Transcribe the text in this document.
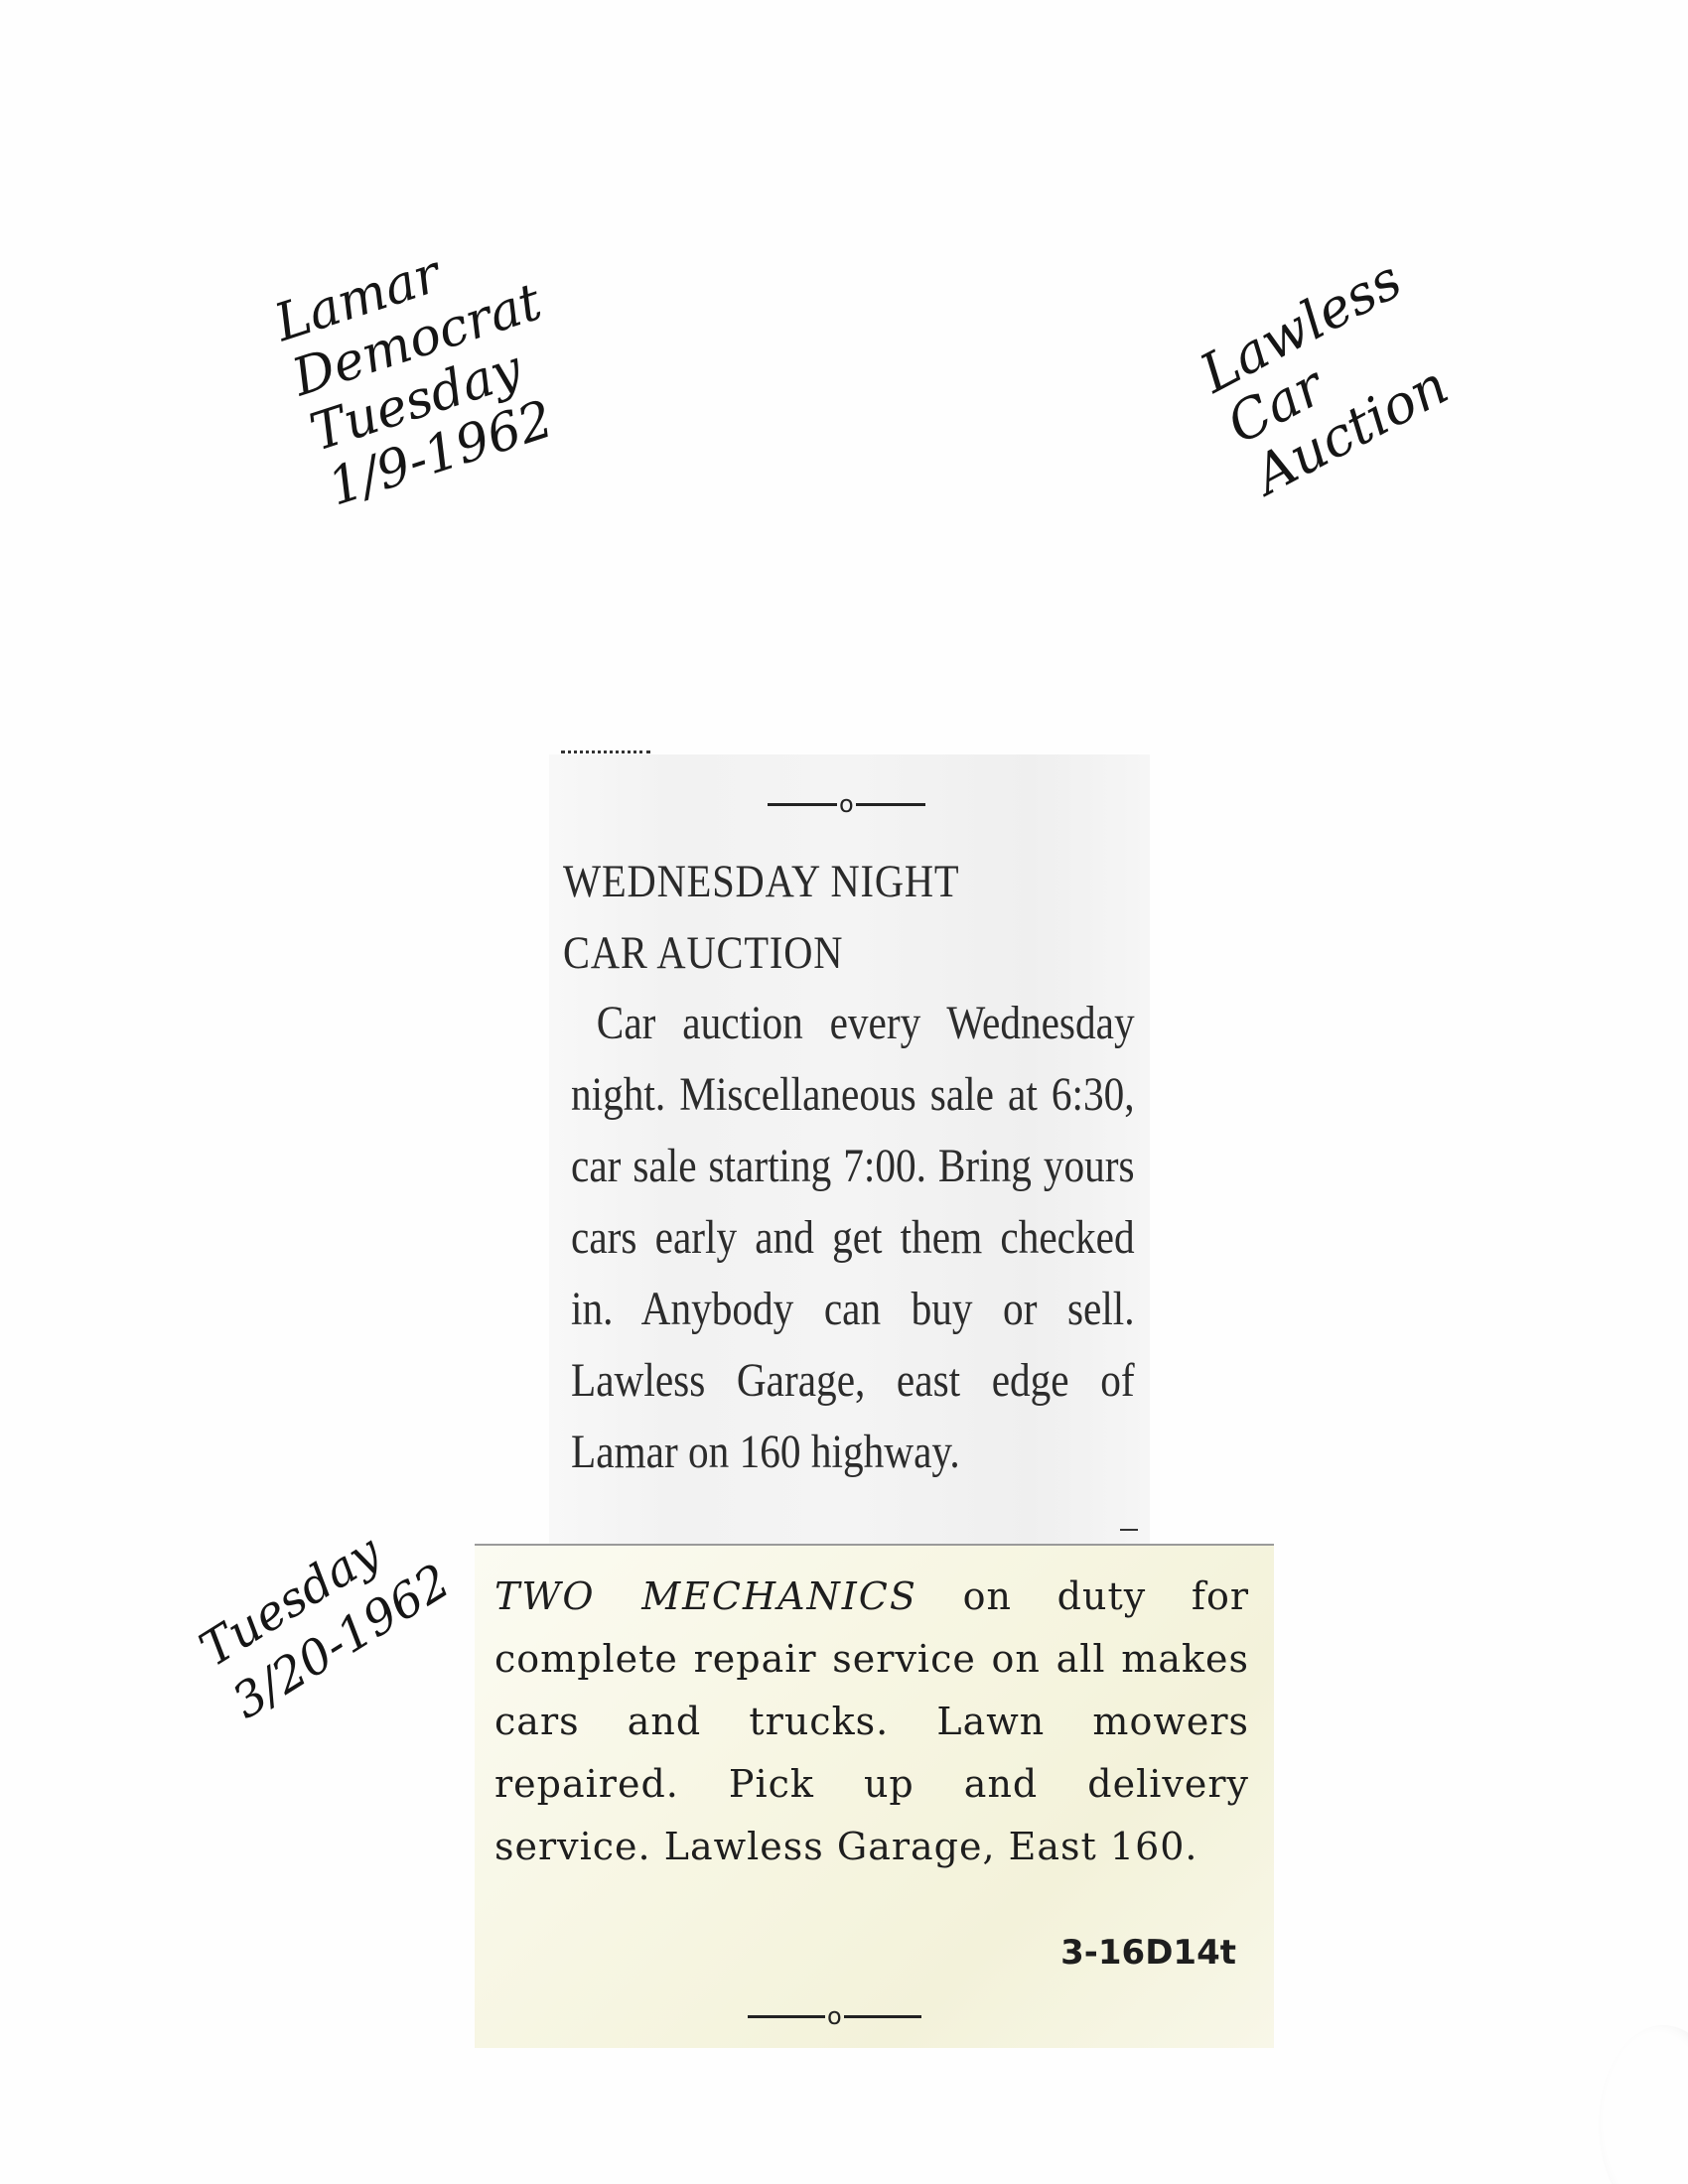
Lamar
Democrat
Tuesday
1/9-1962
Lawless
Car
Auction
o
WEDNESDAY NIGHT CAR AUCTION
Car auction every Wednesday night. Miscellaneous sale at 6:30, car sale starting 7:00. Bring yours cars early and get them checked in. Anybody can buy or sell. Lawless Garage, east edge of Lamar on 160 highway.
Tuesday
3/20-1962 TWO MECHANICS on duty for complete repair service on all makes cars and trucks. Lawn mowers repaired. Pick up and delivery service. Lawless Garage, East 160.
3-16D14t
o
